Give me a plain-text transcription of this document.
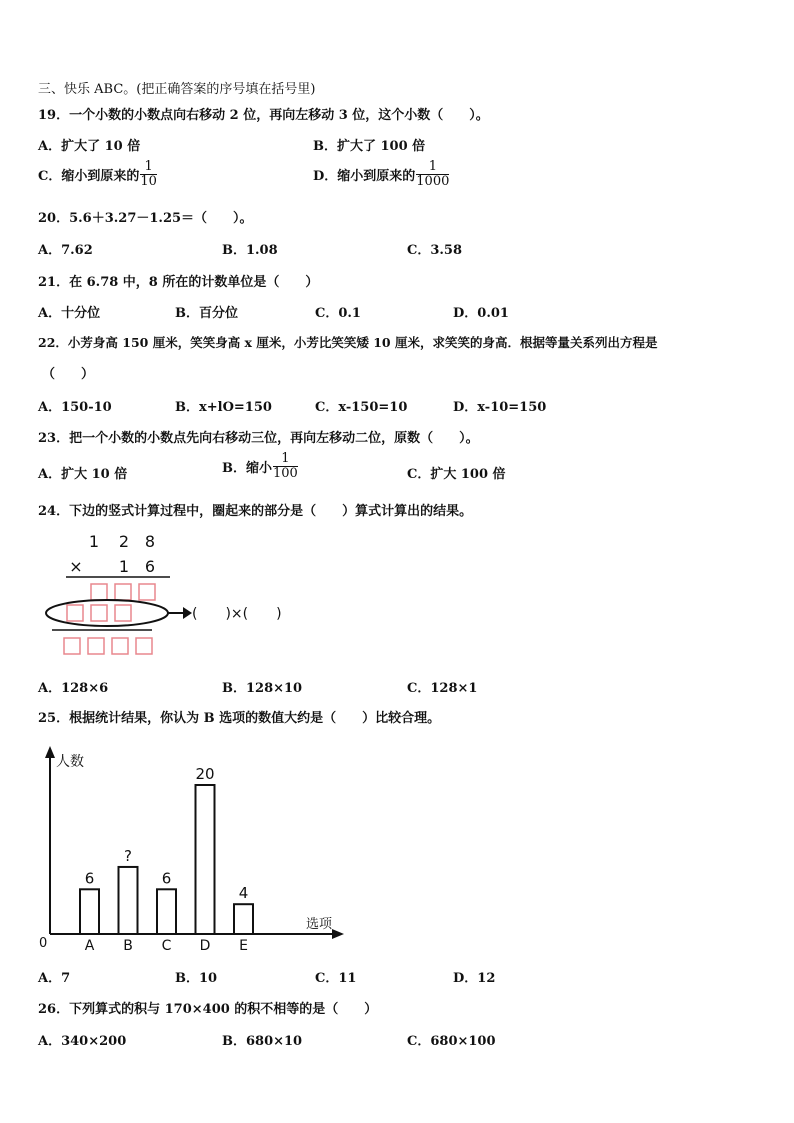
三、快乐 ABC。(把正确答案的序号填在括号里)
19．一个小数的小数点向右移动 2 位，再向左移动 3 位，这个小数（　　）。
A．扩大了 10 倍	B．扩大了 100 倍
C．缩小到原来的 $\frac{1}{10}$	D．缩小到原来的 $\frac{1}{1000}$
20．5.6＋3.27－1.25＝（　　）。
A．7.62	B．1.08	C．3.58
21．在 6.78 中，8 所在的计数单位是（　　）
A．十分位	B．百分位	C．0.1	D．0.01
22．小芳身高 150 厘米，笑笑身高 x 厘米，小芳比笑笑矮 10 厘米，求笑笑的身高．根据等量关系列出方程是
（　　）
A．150-10	B．x+lO=150	C．x-150=10	D．x-10=150
23．把一个小数的小数点先向右移动三位，再向左移动二位，原数（　　）。
A．扩大 10 倍	B．缩小 $\frac{1}{100}$	C．扩大 100 倍
24．下边的竖式计算过程中，圈起来的部分是（　　）算式计算出的结果。
1 2 8
× 1 6
(　　)×(　　)
A．128×6	B．128×10	C．128×1
25．根据统计结果，你认为 B 选项的数值大约是（　　）比较合理。
人数
选项
0
6
A
?
B
6
C
20
D
4
E
A．7	B．10	C．11	D．12
26．下列算式的积与 170×400 的积不相等的是（　　）
A．340×200	B．680×10	C．680×100
